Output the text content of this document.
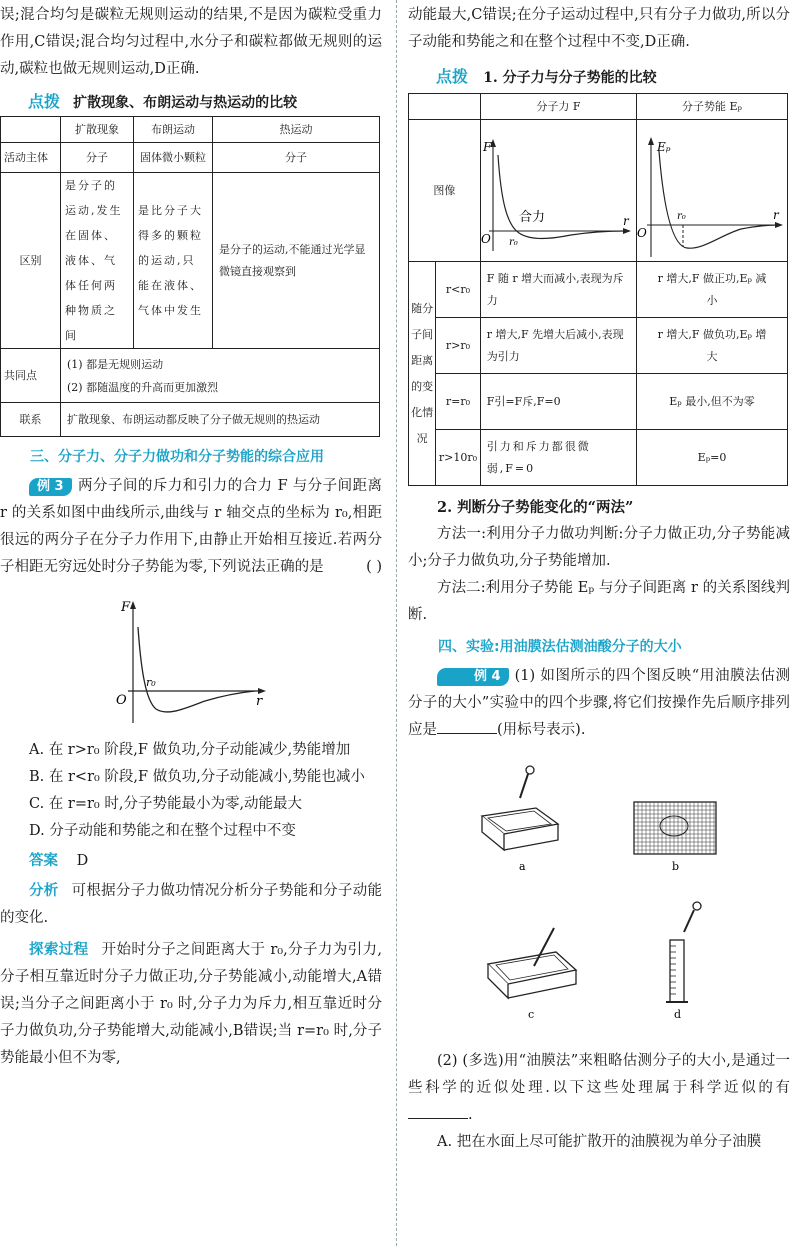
误;混合均匀是碳粒无规则运动的结果,不是因为碳粒受重力作用,C错误;混合均匀过程中,水分子和碳粒都做无规则的运动,碳粒也做无规则运动,D正确.

点拨 扩散现象、布朗运动与热运动的比较
	扩散现象	布朗运动	热运动
活动主体	分子	固体微小颗粒	分子
区别	是分子的运动,发生在固体、液体、气体任何两种物质之间	是比分子大得多的颗粒的运动,只能在液体、气体中发生	是分子的运动,不能通过光学显微镜直接观察到
共同点	(1) 都是无规则运动
(2) 都随温度的升高而更加激烈		

联系	扩散现象、布朗运动都反映了分子做无规则的热运动		
三、分子力、分子力做功和分子势能的综合应用

例 3 两分子间的斥力和引力的合力 F 与分子间距离 r 的关系如图中曲线所示,曲线与 r 轴交点的坐标为 r₀,相距很远的两分子在分子力作用下,由静止开始相互接近.若两分子相距无穷远处时分子势能为零,下列说法正确的是	( )

F
O
r₀
r

A. 在 r>r₀ 阶段,F 做负功,分子动能减少,势能增加

B. 在 r<r₀ 阶段,F 做负功,分子动能减小,势能也减小

C. 在 r=r₀ 时,分子势能最小为零,动能最大

D. 分子动能和势能之和在整个过程中不变

答案 D

分析 可根据分子力做功情况分析分子势能和分子动能的变化.

探索过程 开始时分子之间距离大于 r₀,分子力为引力,分子相互靠近时分子力做正功,分子势能减小,动能增大,A错误;当分子之间距离小于 r₀ 时,分子力为斥力,相互靠近时分子力做负功,分子势能增大,动能减小,B错误;当 r=r₀ 时,分子势能最小但不为零,

动能最大,C错误;在分子运动过程中,只有分子力做功,所以分子动能和势能之和在整个过程中不变,D正确.

点拨 1. 分子力与分子势能的比较
		分子力 F	分子势能 Eₚ
图像		F
O r₀
r
合力	Eₚ
O
r₀ r

随分子间距离的变化情况	r<r₀	F 随 r 增大而减小,表现为斥力	r 增大,F 做正功,Eₚ 减小
	r>r₀	r 增大,F 先增大后减小,表现为引力	r 增大,F 做负功,Eₚ 增大
	r=r₀	F引=F斥,F=0	Eₚ 最小,但不为零
	r>10r₀	引力和斥力都很微弱,F=0	Eₚ=0

2. 判断分子势能变化的“两法”

方法一:利用分子力做功判断:分子力做正功,分子势能减小;分子力做负功,分子势能增加.

方法二:利用分子势能 Eₚ 与分子间距离 r 的关系图线判断.

四、实验:用油膜法估测油酸分子的大小

例 4 (1) 如图所示的四个图反映“用油膜法估测分子的大小”实验中的四个步骤,将它们按操作先后顺序排列应是	(用标号表示).

a	b
c	d

(2) (多选)用“油膜法”来粗略估测分子的大小,是通过一些科学的近似处理.以下这些处理属于科学近似的有.

A. 把在水面上尽可能扩散开的油膜视为单分子油膜
